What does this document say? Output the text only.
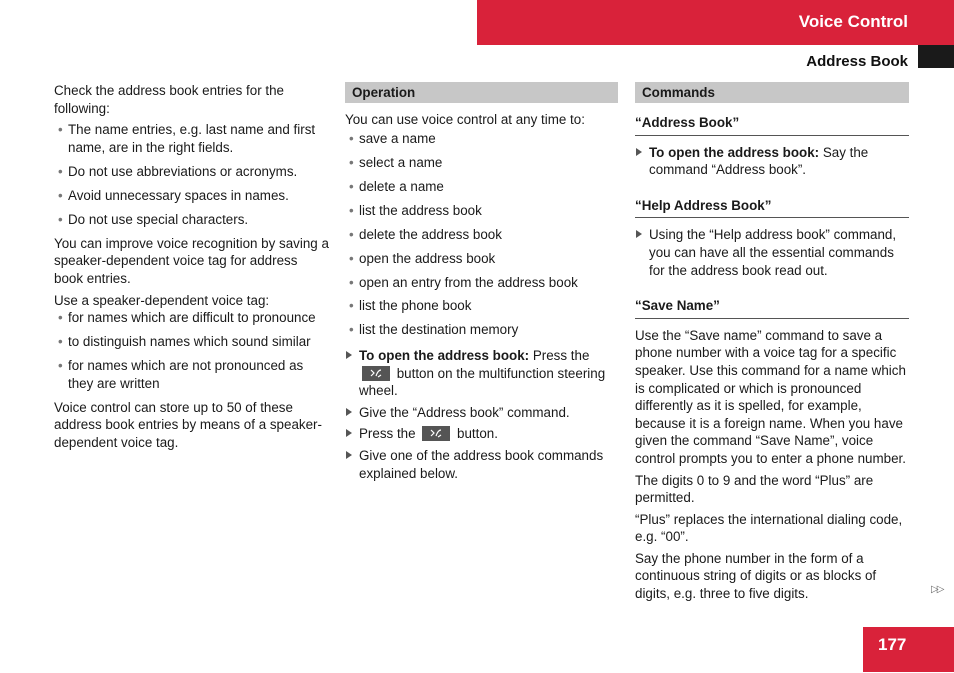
Voice Control
Address Book

Check the address book entries for the following:

• The name entries, e.g. last name and first name, are in the right fields.
• Do not use abbreviations or acronyms.
• Avoid unnecessary spaces in names.
• Do not use special characters.

You can improve voice recognition by saving a speaker-dependent voice tag for address book entries.

Use a speaker-dependent voice tag:

• for names which are difficult to pronounce
• to distinguish names which sound similar
• for names which are not pronounced as they are written

Voice control can store up to 50 of these address book entries by means of a speaker-dependent voice tag.

Operation

You can use voice control at any time to:

• save a name
• select a name
• delete a name
• list the address book
• delete the address book
• open the address book
• open an entry from the address book
• list the phone book
• list the destination memory
To open the address book: Press the
button on the multifunction steering wheel.
Give the “Address book” command.
Press the	button.
Give one of the address book commands explained below.
Commands
“Address Book”
To open the address book: Say the command “Address book”.
“Help Address Book”
Using the “Help address book” command, you can have all the essential commands for the address book read out.
“Save Name”

Use the “Save name” command to save a phone number with a voice tag for a specific speaker. Use this command for a name which is complicated or which is pronounced differently as it is spelled, for example, because it is a foreign name. When you have given the command “Save Name”, voice control prompts you to enter a phone number.

The digits 0 to 9 and the word “Plus” are permitted.

“Plus” replaces the international dialing code, e.g. “00”.

Say the phone number in the form of a continuous string of digits or as blocks of digits, e.g. three to five digits.	▷▷
177
